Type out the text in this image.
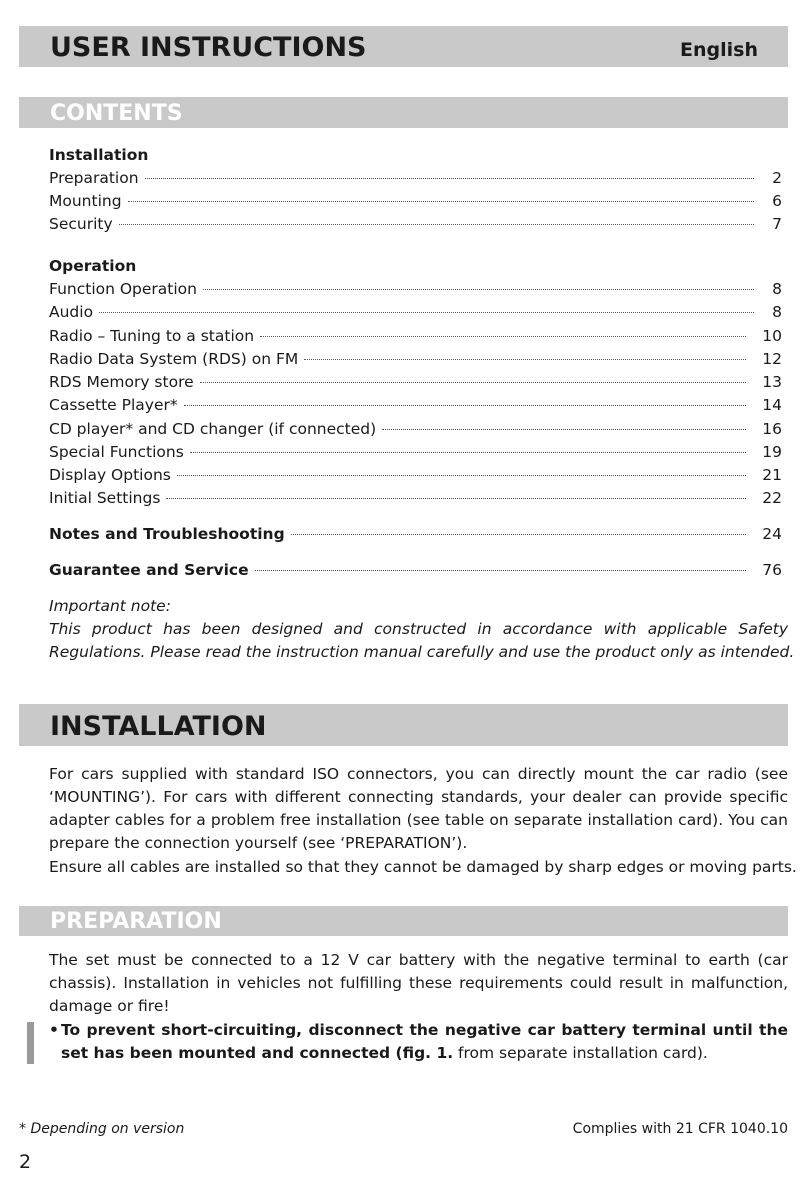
USER INSTRUCTIONS	English
CONTENTS
Installation
Preparation	2
Mounting	6
Security	7
Operation
Function Operation	8
Audio	8
Radio – Tuning to a station	10
Radio Data System (RDS) on FM	12
RDS Memory store	13
Cassette Player*	14
CD player* and CD changer (if connected)	16
Special Functions	19
Display Options	21
Initial Settings	22
Notes and Troubleshooting	24
Guarantee and Service	76
Important note:
This product has been designed and constructed in accordance with applicable Safety
Regulations. Please read the instruction manual carefully and use the product only as intended.
INSTALLATION
For cars supplied with standard ISO connectors, you can directly mount the car radio (see ‘MOUNTING’). For cars with different connecting standards, your dealer can provide specific adapter cables for a problem free installation (see table on separate installation card). You can prepare the connection yourself (see ‘PREPARATION’).
Ensure all cables are installed so that they cannot be damaged by sharp edges or moving parts.
PREPARATION
The set must be connected to a 12 V car battery with the negative terminal to earth (car chassis). Installation in vehicles not fulfilling these requirements could result in malfunction, damage or fire!
• To prevent short-circuiting, disconnect the negative car battery terminal until the set has been mounted and connected (fig. 1. from separate installation card).
* Depending on version	Complies with 21 CFR 1040.10
2
